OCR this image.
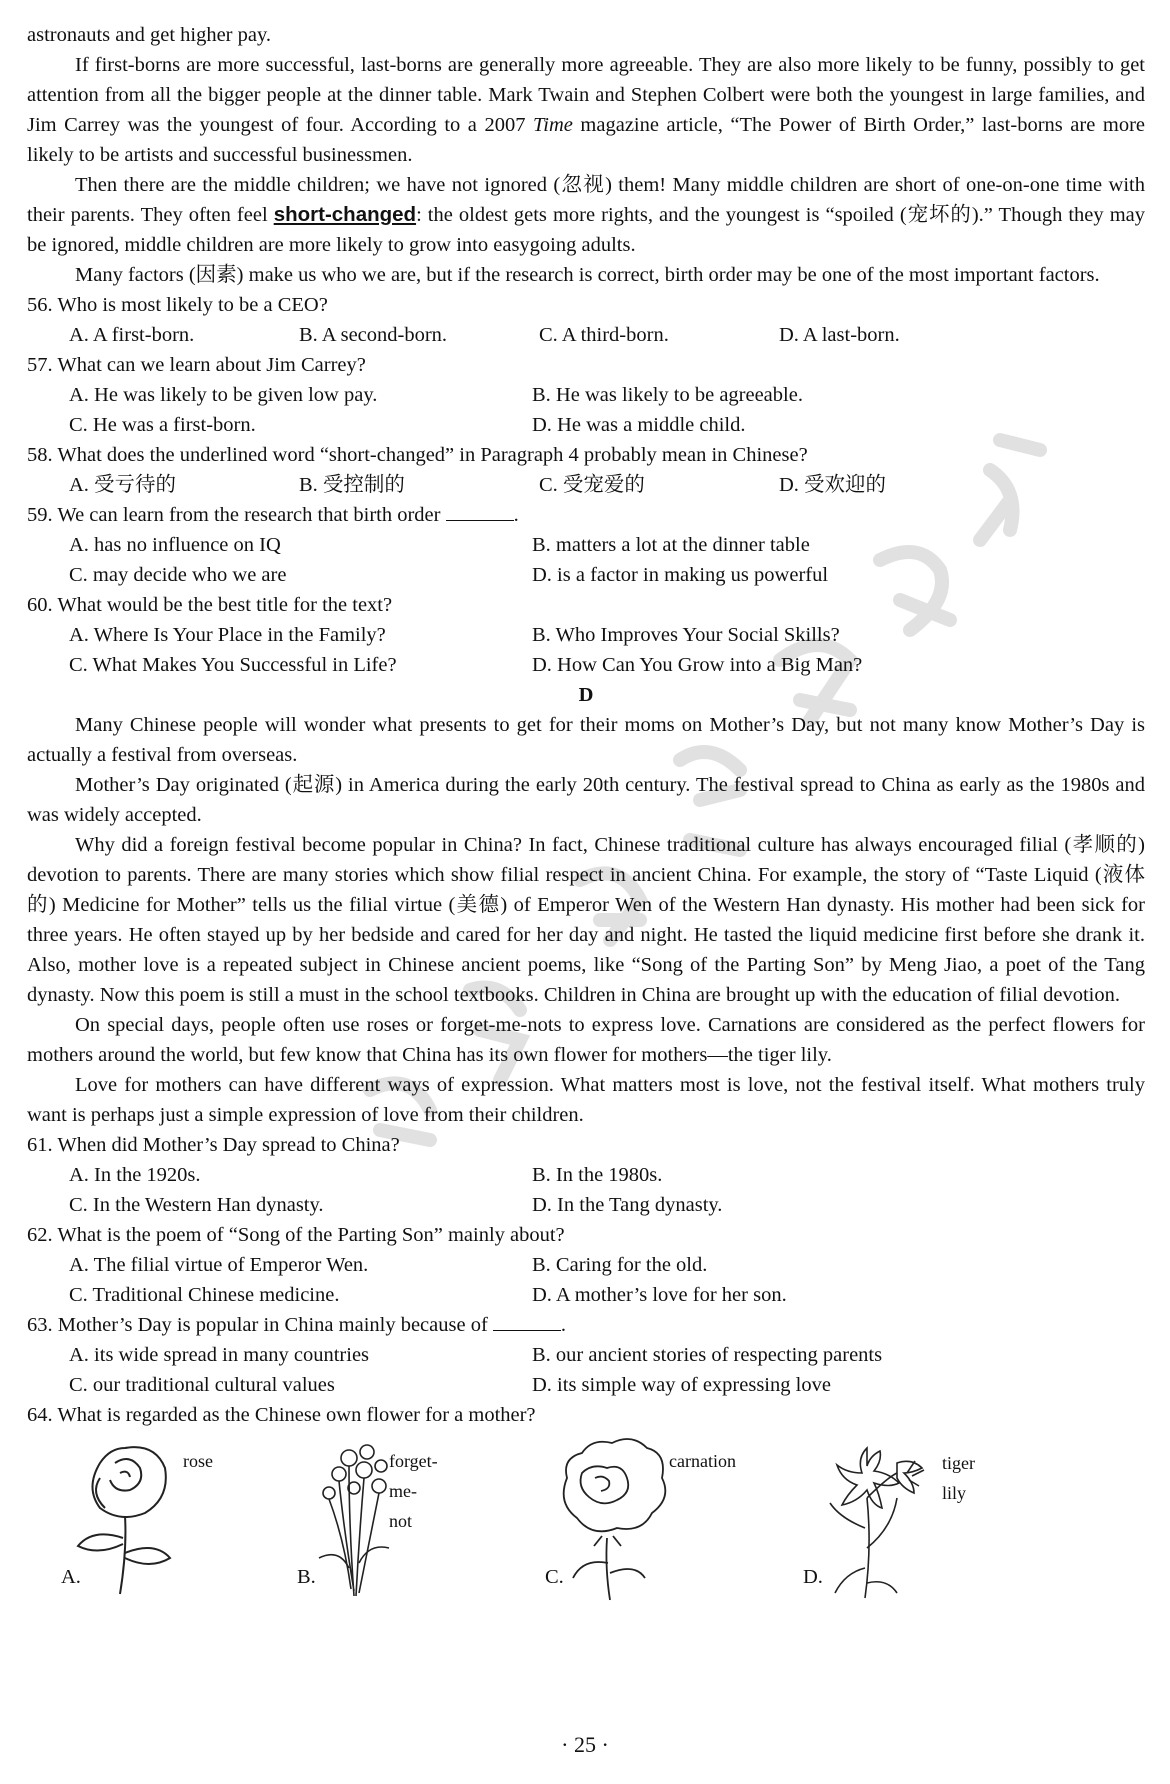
astronauts and get higher pay.

If first-borns are more successful, last-borns are generally more agreeable. They are also more likely to be funny, possibly to get attention from all the bigger people at the dinner table. Mark Twain and Stephen Colbert were both the youngest in large families, and Jim Carrey was the youngest of four. According to a 2007 Time magazine article, “The Power of Birth Order,” last-borns are more likely to be artists and successful businessmen.

Then there are the middle children; we have not ignored (忽视) them! Many middle children are short of one-on-one time with their parents. They often feel short-changed: the oldest gets more rights, and the youngest is “spoiled (宠坏的).” Though they may be ignored, middle children are more likely to grow into easygoing adults.

Many factors (因素) make us who we are, but if the research is correct, birth order may be one of the most important factors.

56. Who is most likely to be a CEO?

A. A first-born.	B. A second-born.	C. A third-born.	D. A last-born.

57. What can we learn about Jim Carrey?

A. He was likely to be given low pay.	B. He was likely to be agreeable.
C. He was a first-born.	D. He was a middle child.

58. What does the underlined word “short-changed” in Paragraph 4 probably mean in Chinese?

A. 受亏待的	B. 受控制的	C. 受宠爱的	D. 受欢迎的

59. We can learn from the research that birth order	.

A. has no influence on IQ	B. matters a lot at the dinner table
C. may decide who we are	D. is a factor in making us powerful

60. What would be the best title for the text?

A. Where Is Your Place in the Family?	B. Who Improves Your Social Skills?
C. What Makes You Successful in Life?	D. How Can You Grow into a Big Man?

D

Many Chinese people will wonder what presents to get for their moms on Mother’s Day, but not many know Mother’s Day is actually a festival from overseas.

Mother’s Day originated (起源) in America during the early 20th century. The festival spread to China as early as the 1980s and was widely accepted.

Why did a foreign festival become popular in China? In fact, Chinese traditional culture has always encouraged filial (孝顺的) devotion to parents. There are many stories which show filial respect in ancient China. For example, the story of “Taste Liquid (液体的) Medicine for Mother” tells us the filial virtue (美德) of Emperor Wen of the Western Han dynasty. His mother had been sick for three years. He often stayed up by her bedside and cared for her day and night. He tasted the liquid medicine first before she drank it. Also, mother love is a repeated subject in Chinese ancient poems, like “Song of the Parting Son” by Meng Jiao, a poet of the Tang dynasty. Now this poem is still a must in the school textbooks. Children in China are brought up with the education of filial devotion.

On special days, people often use roses or forget-me-nots to express love. Carnations are considered as the perfect flowers for mothers around the world, but few know that China has its own flower for mothers—the tiger lily.

Love for mothers can have different ways of expression. What matters most is love, not the festival itself. What mothers truly want is perhaps just a simple expression of love from their children.

61. When did Mother’s Day spread to China?

A. In the 1920s.	B. In the 1980s.
C. In the Western Han dynasty.	D. In the Tang dynasty.

62. What is the poem of “Song of the Parting Son” mainly about?

A. The filial virtue of Emperor Wen.	B. Caring for the old.
C. Traditional Chinese medicine.	D. A mother’s love for her son.

63. Mother’s Day is popular in China mainly because of	.

A. its wide spread in many countries	B. our ancient stories of respecting parents
C. our traditional cultural values	D. its simple way of expressing love

64. What is regarded as the Chinese own flower for a mother?

rose
A.
forget-me-not
B.
carnation
C.
tiger lily
D.
· 25 ·
